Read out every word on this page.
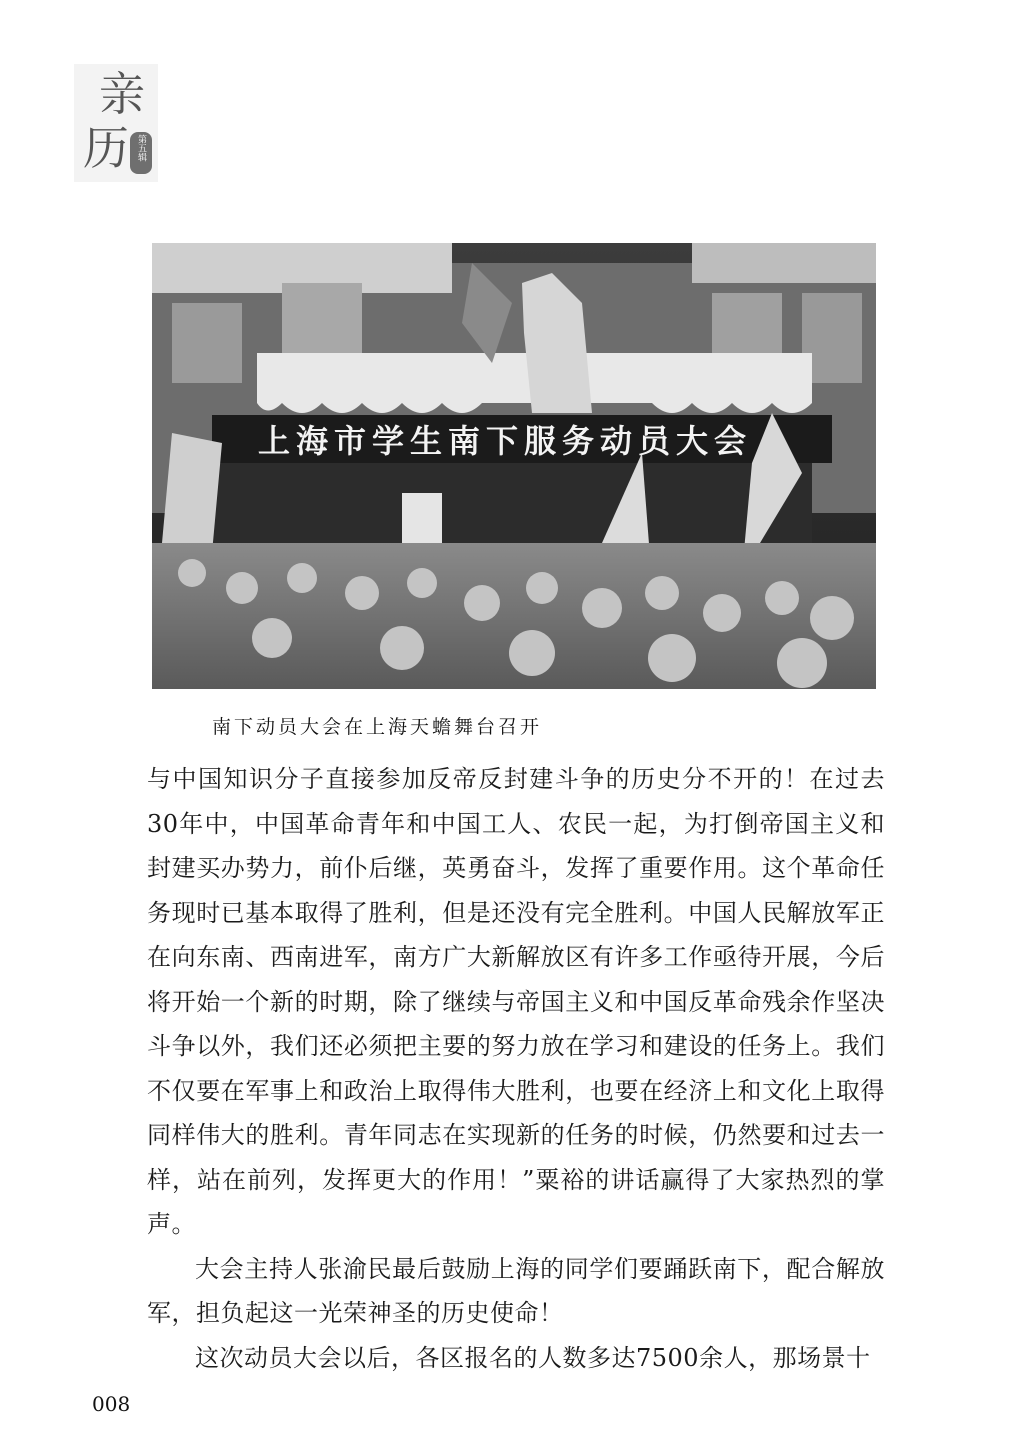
亲
历 第五辑
上海市学生南下服务动员大会
南下动员大会在上海天蟾舞台召开

与中国知识分子直接参加反帝反封建斗争的历史分不开的！在过去30年中，中国革命青年和中国工人、农民一起，为打倒帝国主义和封建买办势力，前仆后继，英勇奋斗，发挥了重要作用。这个革命任务现时已基本取得了胜利，但是还没有完全胜利。中国人民解放军正在向东南、西南进军，南方广大新解放区有许多工作亟待开展，今后将开始一个新的时期，除了继续与帝国主义和中国反革命残余作坚决斗争以外，我们还必须把主要的努力放在学习和建设的任务上。我们不仅要在军事上和政治上取得伟大胜利，也要在经济上和文化上取得同样伟大的胜利。青年同志在实现新的任务的时候，仍然要和过去一样，站在前列，发挥更大的作用！”粟裕的讲话赢得了大家热烈的掌声。

大会主持人张渝民最后鼓励上海的同学们要踊跃南下，配合解放军，担负起这一光荣神圣的历史使命！

这次动员大会以后，各区报名的人数多达7500余人，那场景十

008
